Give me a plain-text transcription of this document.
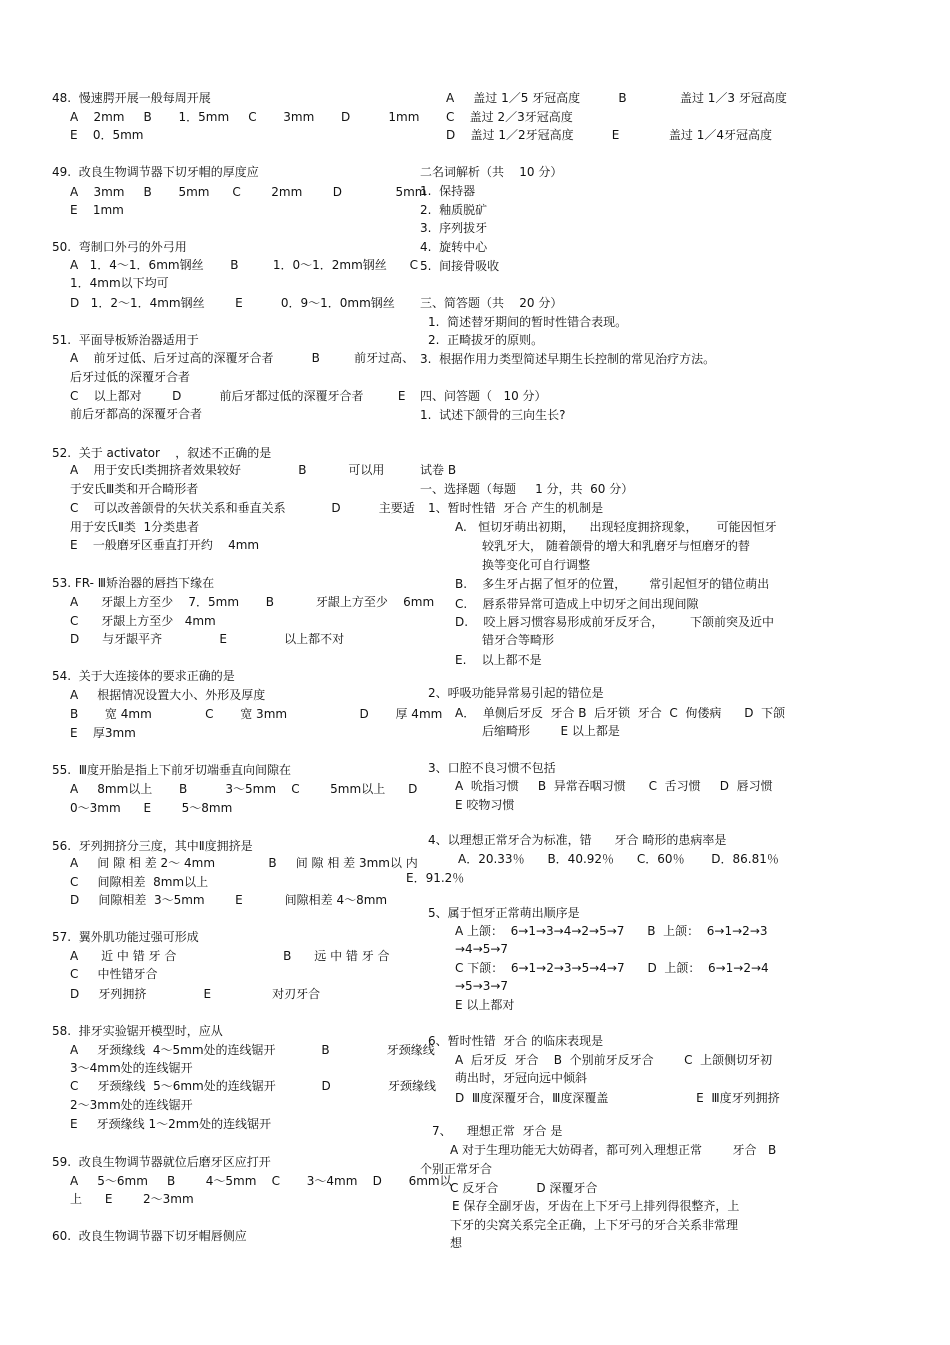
48.  慢速腭开展一般每周开展
A    2mm     B       1．5mm     C       3mm       D          1mm
E    0．5mm
49.  改良生物调节器下切牙帽的厚度应
A    3mm     B       5mm      C        2mm        D              5mm
E    1mm
50.  弯制口外弓的外弓用
A   1．4～1．6mm钢丝       B         1．0～1．2mm钢丝      C
1．4mm以下均可
D   1．2～1．4mm钢丝        E          0．9～1．0mm钢丝
51.  平面导板矫治器适用于
A    前牙过低、后牙过高的深覆牙合者          B         前牙过高、
后牙过低的深覆牙合者
C    以上都对        D          前后牙都过低的深覆牙合者         E
前后牙都高的深覆牙合者
52.  关于 activator    ，叙述不正确的是
A    用于安氏Ⅰ类拥挤者效果较好               B           可以用
于安氏Ⅲ类和开合畸形者
C    可以改善颌骨的矢状关系和垂直关系            D          主要适
用于安氏Ⅱ类  1分类患者
E    一般磨牙区垂直打开约    4mm
53. FR- Ⅲ矫治器的唇挡下缘在
A      牙龈上方至少    7．5mm       B           牙龈上方至少    6mm
C      牙龈上方至少   4mm
D      与牙龈平齐               E               以上都不对
54.  关于大连接体的要求正确的是
A     根据情况设置大小、外形及厚度
B       宽 4mm              C       宽 3mm                   D       厚 4mm
E    厚3mm
55.  Ⅲ度开胎是指上下前牙切端垂直向间隙在
A     8mm以上       B          3～5mm    C        5mm以上      D
0～3mm      E        5～8mm
56.  牙列拥挤分三度，其中Ⅱ度拥挤是
A     间 隙 相 差 2～ 4mm              B     间 隙 相 差 3mm以 内
C     间隙相差  8mm以上
D     间隙相差  3～5mm        E           间隙相差 4～8mm
57.  翼外肌功能过强可形成
A      近 中 错 牙 合                            B      远 中 错 牙 合
C     中性错牙合
D     牙列拥挤               E                对刃牙合
58.  排牙实验锯开模型时，应从
A     牙颈缘线  4～5mm处的连线锯开            B               牙颈缘线
3～4mm处的连线锯开
C     牙颈缘线  5～6mm处的连线锯开            D               牙颈缘线
2～3mm处的连线锯开
E     牙颈缘线 1～2mm处的连线锯开
59.  改良生物调节器就位后磨牙区应打开
A     5～6mm     B        4～5mm    C       3～4mm    D       6mm以
上      E        2～3mm
60.  改良生物调节器下切牙帽唇侧应
A     盖过 1／5 牙冠高度          B              盖过 1／3 牙冠高度
C    盖过 2／3牙冠高度
D    盖过 1／2牙冠高度          E             盖过 1／4牙冠高度
二名词解析（共    10 分）
1.  保持器
2.  釉质脱矿
3.  序列拔牙
4.  旋转中心
5.  间接骨吸收
三、简答题（共    20 分）
1.  简述替牙期间的暂时性错合表现。
2.  正畸拔牙的原则。
3.  根据作用力类型简述早期生长控制的常见治疗方法。
四、问答题（   10 分）
1.  试述下颌骨的三向生长?
试卷 B
一、选择题（每题     1 分，共  60 分）
1、暂时性错  牙合 产生的机制是
A.   恒切牙萌出初期，    出现轻度拥挤现象，     可能因恒牙
较乳牙大， 随着颌骨的增大和乳磨牙与恒磨牙的替
换等变化可自行调整
B.    多生牙占据了恒牙的位置，      常引起恒牙的错位萌出
C.    唇系带异常可造成上中切牙之间出现间隙
D.    咬上唇习惯容易形成前牙反牙合，       下颌前突及近中
错牙合等畸形
E.    以上都不是
2、呼吸功能异常易引起的错位是
A．  单侧后牙反  牙合 B  后牙锁  牙合  C  佝偻病      D  下颌
后缩畸形        E 以上都是
3、口腔不良习惯不包括
A  吮指习惯     B  异常吞咽习惯      C  舌习惯     D  唇习惯
E 咬物习惯
4、以理想正常牙合为标准，错      牙合 畸形的患病率是
A．20.33％      B．40.92％      C．60％       D．86.81％
E．91.2％
5、属于恒牙正常萌出顺序是
A 上颌：  6→1→3→4→2→5→7      B  上颌：  6→1→2→3
→4→5→7
C 下颌：  6→1→2→3→5→4→7      D  上颌：  6→1→2→4
→5→3→7
E 以上都对
6、暂时性错  牙合 的临床表现是
A  后牙反  牙合    B  个别前牙反牙合        C  上颌侧切牙初
萌出时，牙冠向远中倾斜
D  Ⅲ度深覆牙合，Ⅲ度深覆盖                       E  Ⅲ度牙列拥挤
7、    理想正常  牙合 是
A 对于生理功能无大妨碍者，都可列入理想正常        牙合   B
个别正常牙合
C 反牙合          D 深覆牙合
E 保存全副牙齿，牙齿在上下牙弓上排列得很整齐，上
下牙的尖窝关系完全正确，上下牙弓的牙合关系非常理
想
